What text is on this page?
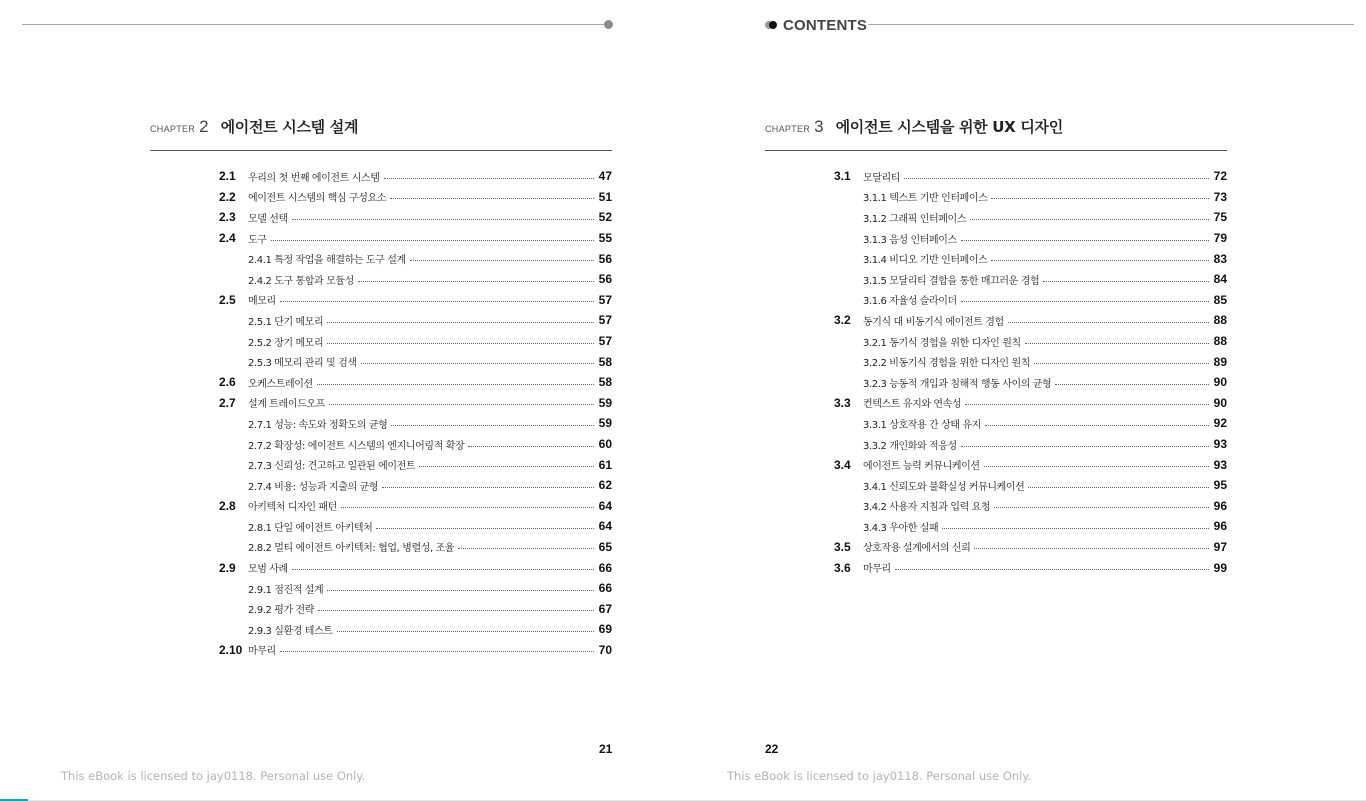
CONTENTS
CHAPTER 2 에이전트 시스템 설계
2.1	우리의 첫 번째 에이전트 시스템	47
2.2	에이전트 시스템의 핵심 구성요소	51
2.3	모델 선택	52
2.4	도구	55
2.4.1 특정 작업을 해결하는 도구 설계	56
2.4.2 도구 통합과 모듈성	56
2.5	메모리	57
2.5.1 단기 메모리	57
2.5.2 장기 메모리	57
2.5.3 메모리 관리 및 검색	58
2.6	오케스트레이션	58
2.7	설계 트레이드오프	59
2.7.1 성능: 속도와 정확도의 균형	59
2.7.2 확장성: 에이전트 시스템의 엔지니어링적 확장	60
2.7.3 신뢰성: 견고하고 일관된 에이전트	61
2.7.4 비용: 성능과 지출의 균형	62
2.8	아키텍처 디자인 패턴	64
2.8.1 단일 에이전트 아키텍처	64
2.8.2 멀티 에이전트 아키텍처: 협업, 병렬성, 조율	65
2.9	모범 사례	66
2.9.1 점진적 설계	66
2.9.2 평가 전략	67
2.9.3 실환경 테스트	69
2.10 마무리	70
CHAPTER 3 에이전트 시스템을 위한 UX 디자인
3.1	모달리티	72
3.1.1 텍스트 기반 인터페이스	73
3.1.2 그래픽 인터페이스	75
3.1.3 음성 인터페이스	79
3.1.4 비디오 기반 인터페이스	83
3.1.5 모달리티 결합을 통한 매끄러운 경험	84
3.1.6 자율성 슬라이더	85
3.2	동기식 대 비동기식 에이전트 경험	88
3.2.1 동기식 경험을 위한 디자인 원칙	88
3.2.2 비동기식 경험을 위한 디자인 원칙	89
3.2.3 능동적 개입과 침해적 행동 사이의 균형	90
3.3	컨텍스트 유지와 연속성	90
3.3.1 상호작용 간 상태 유지	92
3.3.2 개인화와 적응성	93
3.4	에이전트 능력 커뮤니케이션	93
3.4.1 신뢰도와 불확실성 커뮤니케이션	95
3.4.2 사용자 지침과 입력 요청	96
3.4.3 우아한 실패	96
3.5	상호작용 설계에서의 신뢰	97
3.6	마무리	99
21	22
This eBook is licensed to jay0118. Personal use Only.	This eBook is licensed to jay0118. Personal use Only.
